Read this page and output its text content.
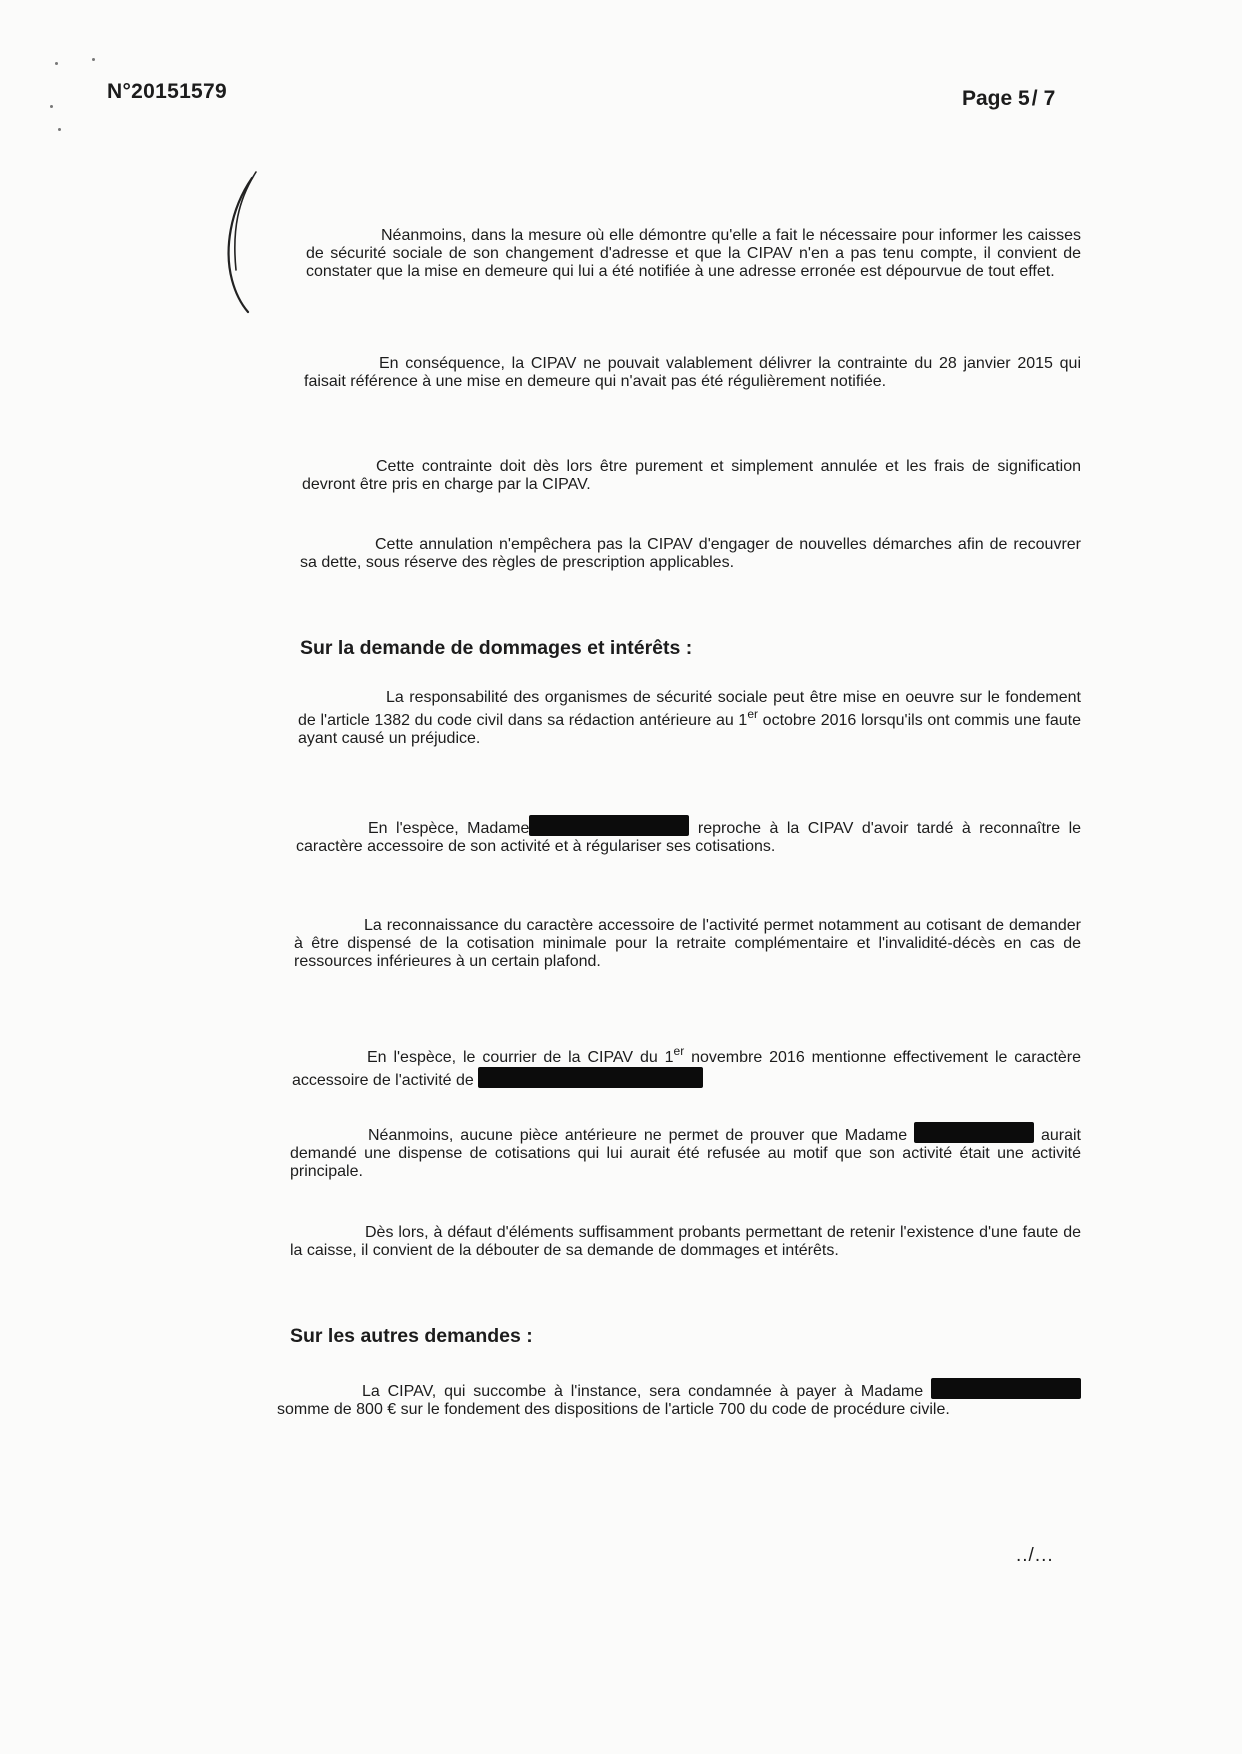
N°20151579	Page 5/ 7
Néanmoins, dans la mesure où elle démontre qu'elle a fait le nécessaire pour informer les caisses de sécurité sociale de son changement d'adresse et que la CIPAV n'en a pas tenu compte, il convient de constater que la mise en demeure qui lui a été notifiée à une adresse erronée est dépourvue de tout effet.
En conséquence, la CIPAV ne pouvait valablement délivrer la contrainte du 28 janvier 2015 qui faisait référence à une mise en demeure qui n'avait pas été régulièrement notifiée.
Cette contrainte doit dès lors être purement et simplement annulée et les frais de signification devront être pris en charge par la CIPAV.
Cette annulation n'empêchera pas la CIPAV d'engager de nouvelles démarches afin de recouvrer sa dette, sous réserve des règles de prescription applicables.
Sur la demande de dommages et intérêts :
La responsabilité des organismes de sécurité sociale peut être mise en oeuvre sur le fondement de l'article 1382 du code civil dans sa rédaction antérieure au 1er octobre 2016 lorsqu'ils ont commis une faute ayant causé un préjudice.
En l'espèce, Madame	reproche à la CIPAV d'avoir tardé à reconnaître le caractère accessoire de son activité et à régulariser ses cotisations.
La reconnaissance du caractère accessoire de l'activité permet notamment au cotisant de demander à être dispensé de la cotisation minimale pour la retraite complémentaire et l'invalidité-décès en cas de ressources inférieures à un certain plafond.
En l'espèce, le courrier de la CIPAV du 1er novembre 2016 mentionne effectivement le caractère accessoire de l'activité de
Néanmoins, aucune pièce antérieure ne permet de prouver que Madame	aurait demandé une dispense de cotisations qui lui aurait été refusée au motif que son activité était une activité principale.
Dès lors, à défaut d'éléments suffisamment probants permettant de retenir l'existence d'une faute de la caisse, il convient de la débouter de sa demande de dommages et intérêts.
Sur les autres demandes :
La CIPAV, qui succombe à l'instance, sera condamnée à payer à Madame  somme de 800 € sur le fondement des dispositions de l'article 700 du code de procédure civile.
../...
